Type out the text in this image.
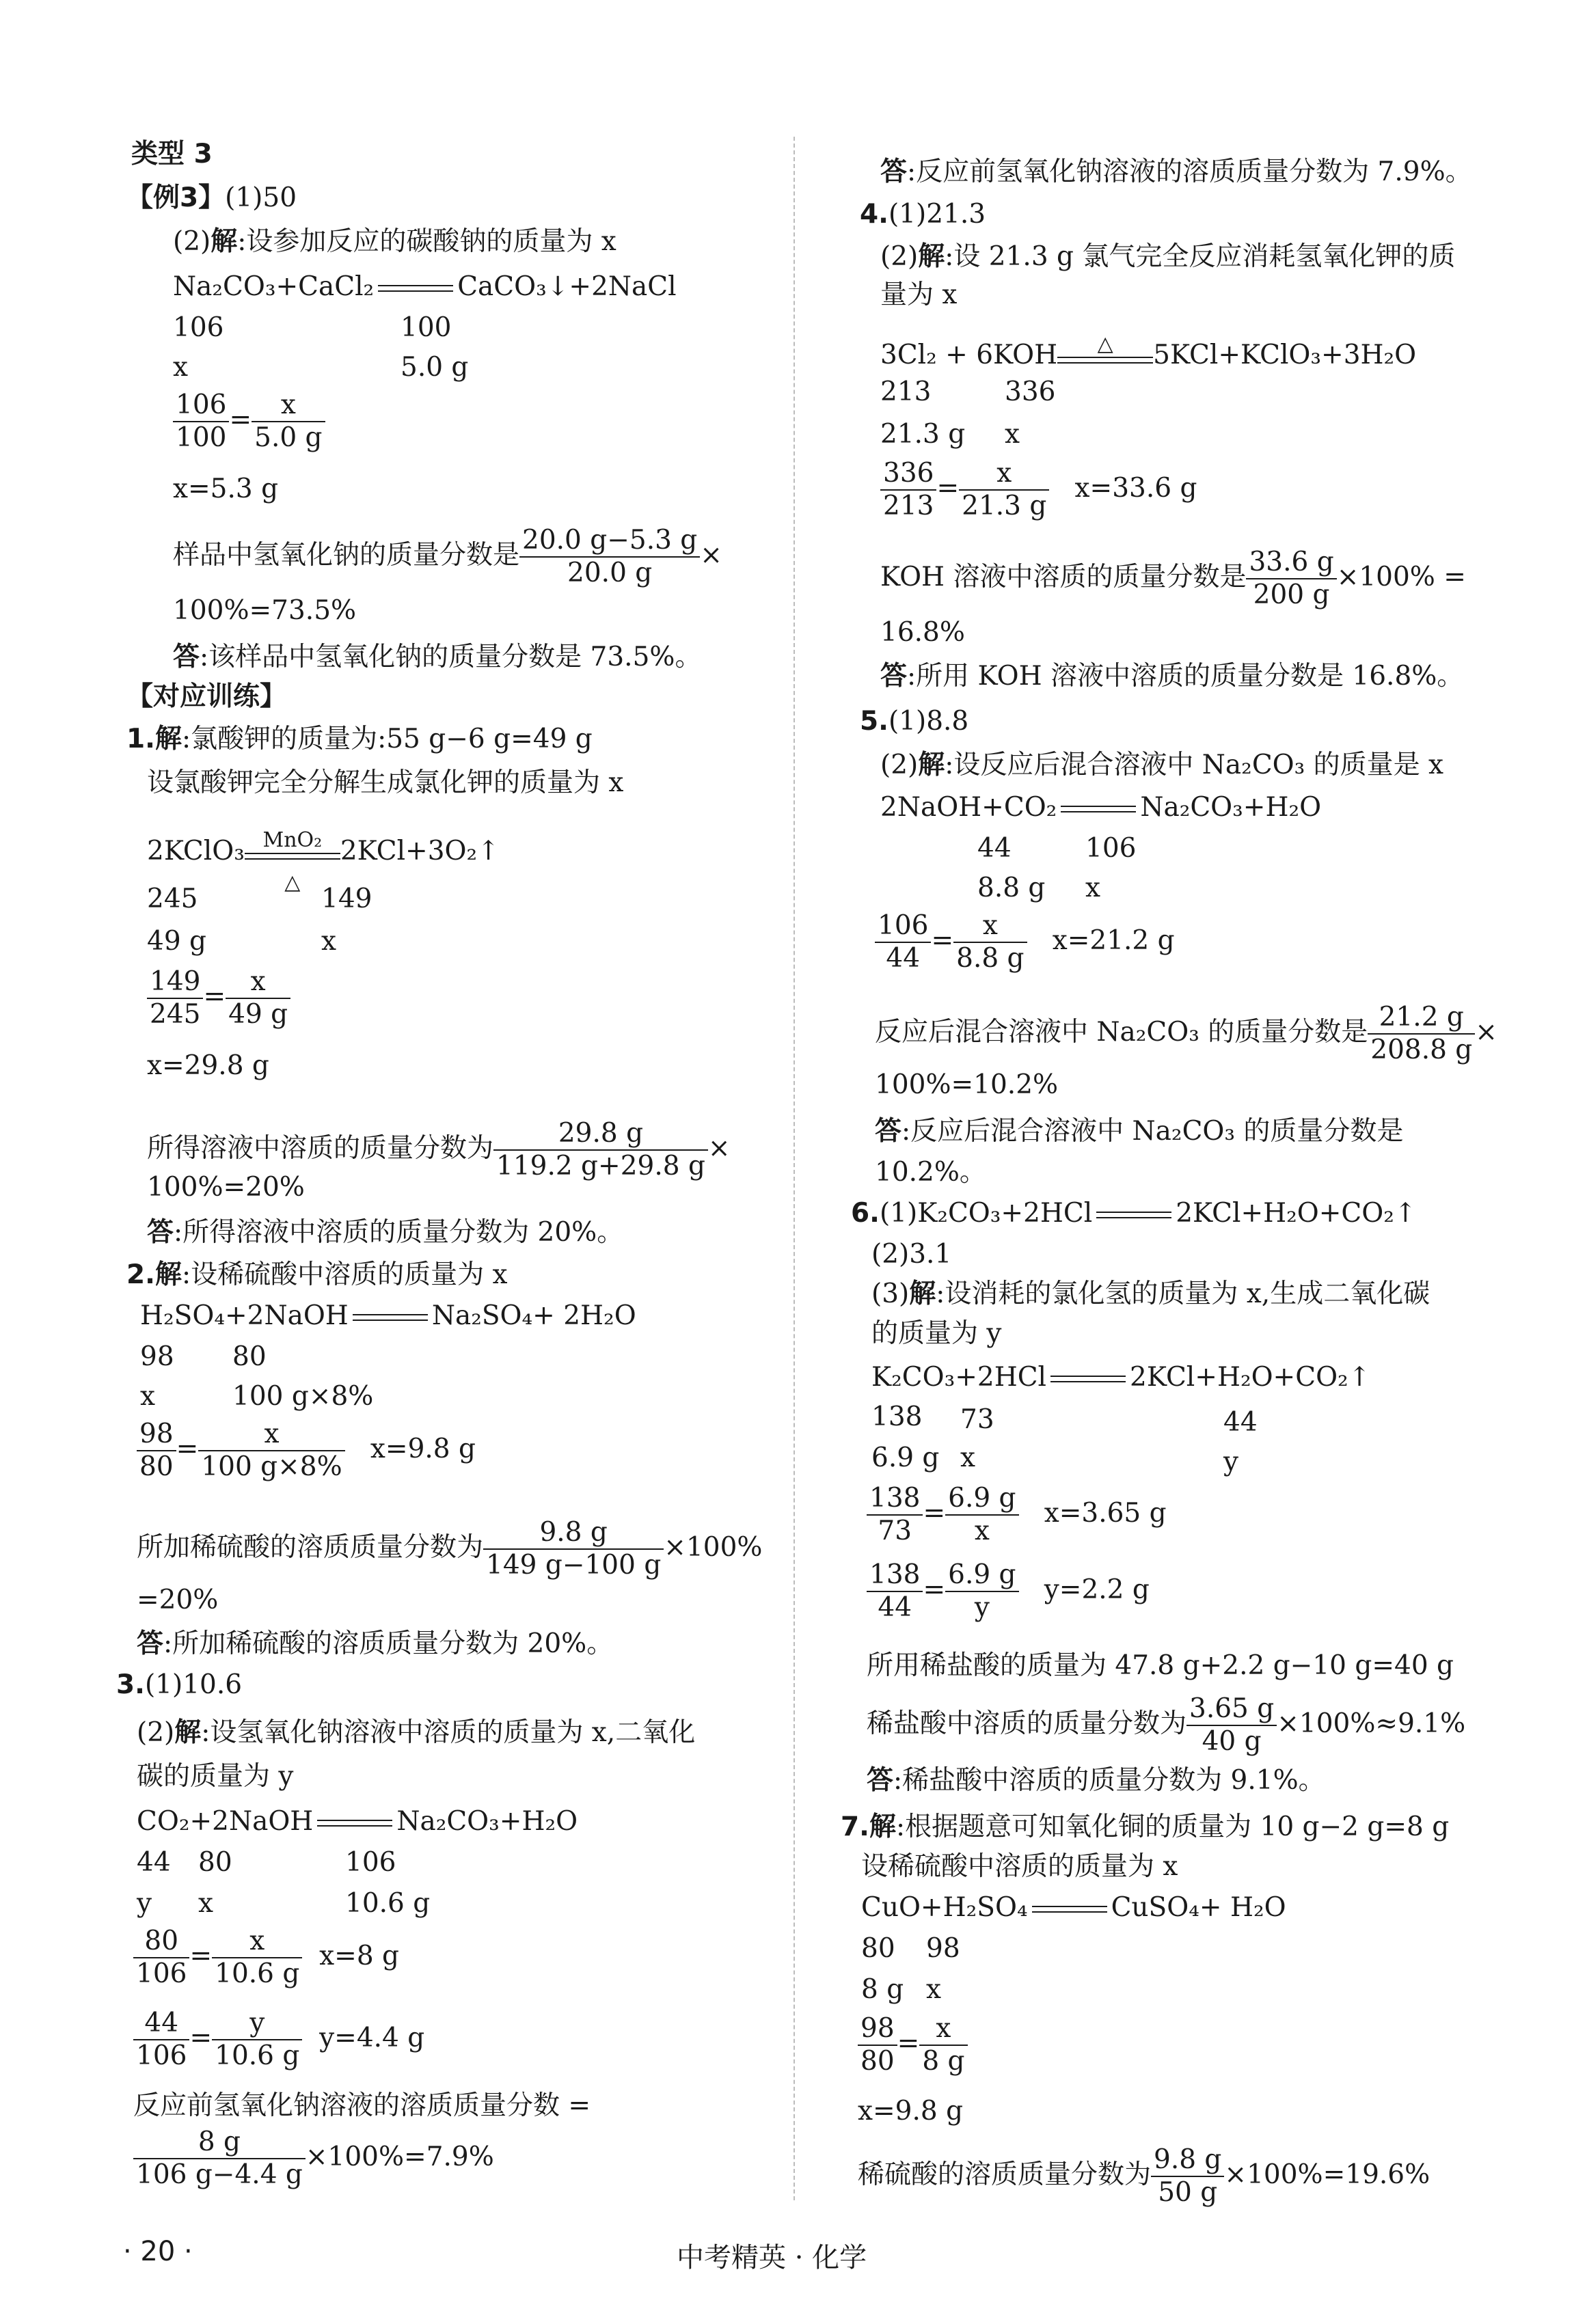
类型 3
【例3】(1)50
(2)解:设参加反应的碳酸钠的质量为 x
Na₂CO₃+CaCl₂	CaCO₃↓+2NaCl
106	100
x	5.0 g
$\frac{106}{100} = \frac{x}{5.0 g}$
x=5.3 g
样品中氢氧化钠的质量分数是 $\frac{20.0 g-5.3 g}{20.0 g}$ ×
100%=73.5%
答:该样品中氢氧化钠的质量分数是 73.5%。
【对应训练】
1.解:氯酸钾的质量为:55 g−6 g=49 g
设氯酸钾完全分解生成氯化钾的质量为 x
2KClO₃ MnO₂
△
2KCl+3O₂↑
245	149
49 g	x
$\frac{149}{245} = \frac{x}{49 g}$
x=29.8 g
所得溶液中溶质的质量分数为 $\frac{29.8 g}{119.2 g+29.8 g}$ ×
100%=20%
答:所得溶液中溶质的质量分数为 20%。
2.解:设稀硫酸中溶质的质量为 x
H₂SO₄+2NaOH	Na₂SO₄+ 2H₂O
98 80
x	100 g×8%
$\frac{98}{80} = \frac{x}{100 g\times 8\%} x=9.8$ g
所加稀硫酸的溶质质量分数为 $\frac{9.8 g}{149 g-100 g} \times 100\%$
=20%
答:所加稀硫酸的溶质质量分数为 20%。
3.(1)10.6
(2)解:设氢氧化钠溶液中溶质的质量为 x,二氧化
碳的质量为 y
CO₂+2NaOH	Na₂CO₃+H₂O
44 80	106
y x	10.6 g
$\frac{80}{106} = \frac{x}{10.6 g} x=8$ g
$\frac{44}{106} = \frac{y}{10.6 g} y=4.4$ g
反应前氢氧化钠溶液的溶质质量分数 =
$\frac{8 g}{106 g-4.4 g} \times 100\%=7.9\%$
答:反应前氢氧化钠溶液的溶质质量分数为 7.9%。
4.(1)21.3
(2)解:设 21.3 g 氯气完全反应消耗氢氧化钾的质
量为 x
3Cl₂ + 6KOH	△	5KCl+KClO₃+3H₂O
213	336
21.3 g x
$\frac{336}{213} = \frac{x}{21.3 g} x=33.6$ g
KOH 溶液中溶质的质量分数是 $\frac{33.6 g}{200 g} \times 100\%$ =
16.8%
答:所用 KOH 溶液中溶质的质量分数是 16.8%。
5.(1)8.8
(2)解:设反应后混合溶液中 Na₂CO₃ 的质量是 x
2NaOH+CO₂	Na₂CO₃+H₂O
44	106
8.8 g x
$\frac{106}{44} = \frac{x}{8.8 g} x=21.2$ g
反应后混合溶液中 Na₂CO₃ 的质量分数是 $\frac{21.2 g}{208.8 g}$ ×
100%=10.2%
答:反应后混合溶液中 Na₂CO₃ 的质量分数是
10.2%。
6.(1)K₂CO₃+2HCl	2KCl+H₂O+CO₂↑
(2)3.1
(3)解:设消耗的氯化氢的质量为 x,生成二氧化碳
的质量为 y
K₂CO₃+2HCl	2KCl+H₂O+CO₂↑
138 73	44
6.9 g x	y
$\frac{138}{73} = \frac{6.9 g}{x} x=3.65$ g
$\frac{138}{44} = \frac{6.9 g}{y} y=2.2$ g
所用稀盐酸的质量为 47.8 g+2.2 g−10 g=40 g
稀盐酸中溶质的质量分数为 $\frac{3.65 g}{40 g} \times 100\%\approx 9.1\%$
答:稀盐酸中溶质的质量分数为 9.1%。
7.解:根据题意可知氧化铜的质量为 10 g−2 g=8 g
设稀硫酸中溶质的质量为 x
CuO+H₂SO₄	CuSO₄+ H₂O
80 98
8 g x
$\frac{98}{80} = \frac{x}{8 g}$
x=9.8 g
稀硫酸的溶质质量分数为 $\frac{9.8 g}{50 g} \times 100\%=19.6\%$
· 20 ·	中考精英 · 化学
